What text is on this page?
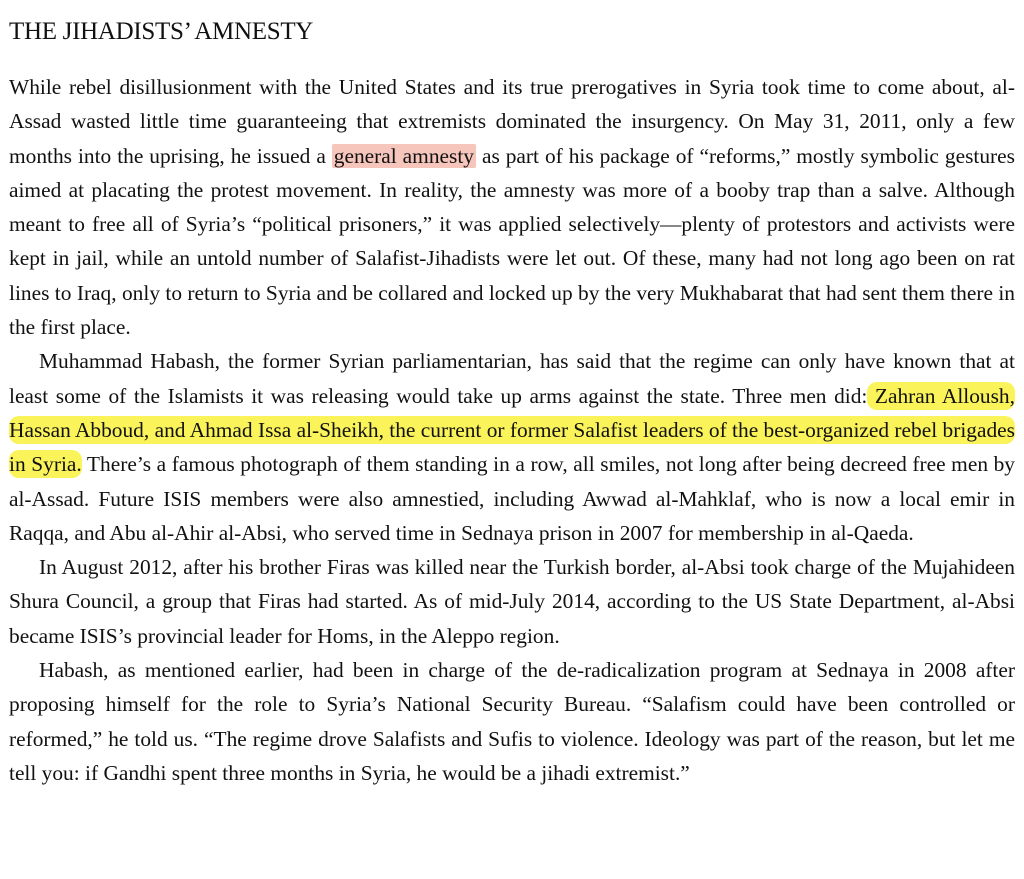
THE JIHADISTS’ AMNESTY

While rebel disillusionment with the United States and its true prerogatives in Syria took time to come about, al-Assad wasted little time guaranteeing that extremists dominated the insurgency. On May 31, 2011, only a few months into the uprising, he issued a general amnesty as part of his package of “reforms,” mostly symbolic gestures aimed at placating the protest movement. In reality, the amnesty was more of a booby trap than a salve. Although meant to free all of Syria’s “political prisoners,” it was applied selectively—plenty of protestors and activists were kept in jail, while an untold number of Salafist-Jihadists were let out. Of these, many had not long ago been on rat lines to Iraq, only to return to Syria and be collared and locked up by the very Mukhabarat that had sent them there in the first place.

Muhammad Habash, the former Syrian parliamentarian, has said that the regime can only have known that at least some of the Islamists it was releasing would take up arms against the state. Three men did: Zahran Alloush, Hassan Abboud, and Ahmad Issa al-Sheikh, the current or former Salafist leaders of the best-organized rebel brigades in Syria. There’s a famous photograph of them standing in a row, all smiles, not long after being decreed free men by al-Assad. Future ISIS members were also amnestied, including Awwad al-Mahklaf, who is now a local emir in Raqqa, and Abu al-Ahir al-Absi, who served time in Sednaya prison in 2007 for membership in al-Qaeda.

In August 2012, after his brother Firas was killed near the Turkish border, al-Absi took charge of the Mujahideen Shura Council, a group that Firas had started. As of mid-July 2014, according to the US State Department, al-Absi became ISIS’s provincial leader for Homs, in the Aleppo region.

Habash, as mentioned earlier, had been in charge of the de-radicalization program at Sednaya in 2008 after proposing himself for the role to Syria’s National Security Bureau. “Salafism could have been controlled or reformed,” he told us. “The regime drove Salafists and Sufis to violence. Ideology was part of the reason, but let me tell you: if Gandhi spent three months in Syria, he would be a jihadi extremist.”
